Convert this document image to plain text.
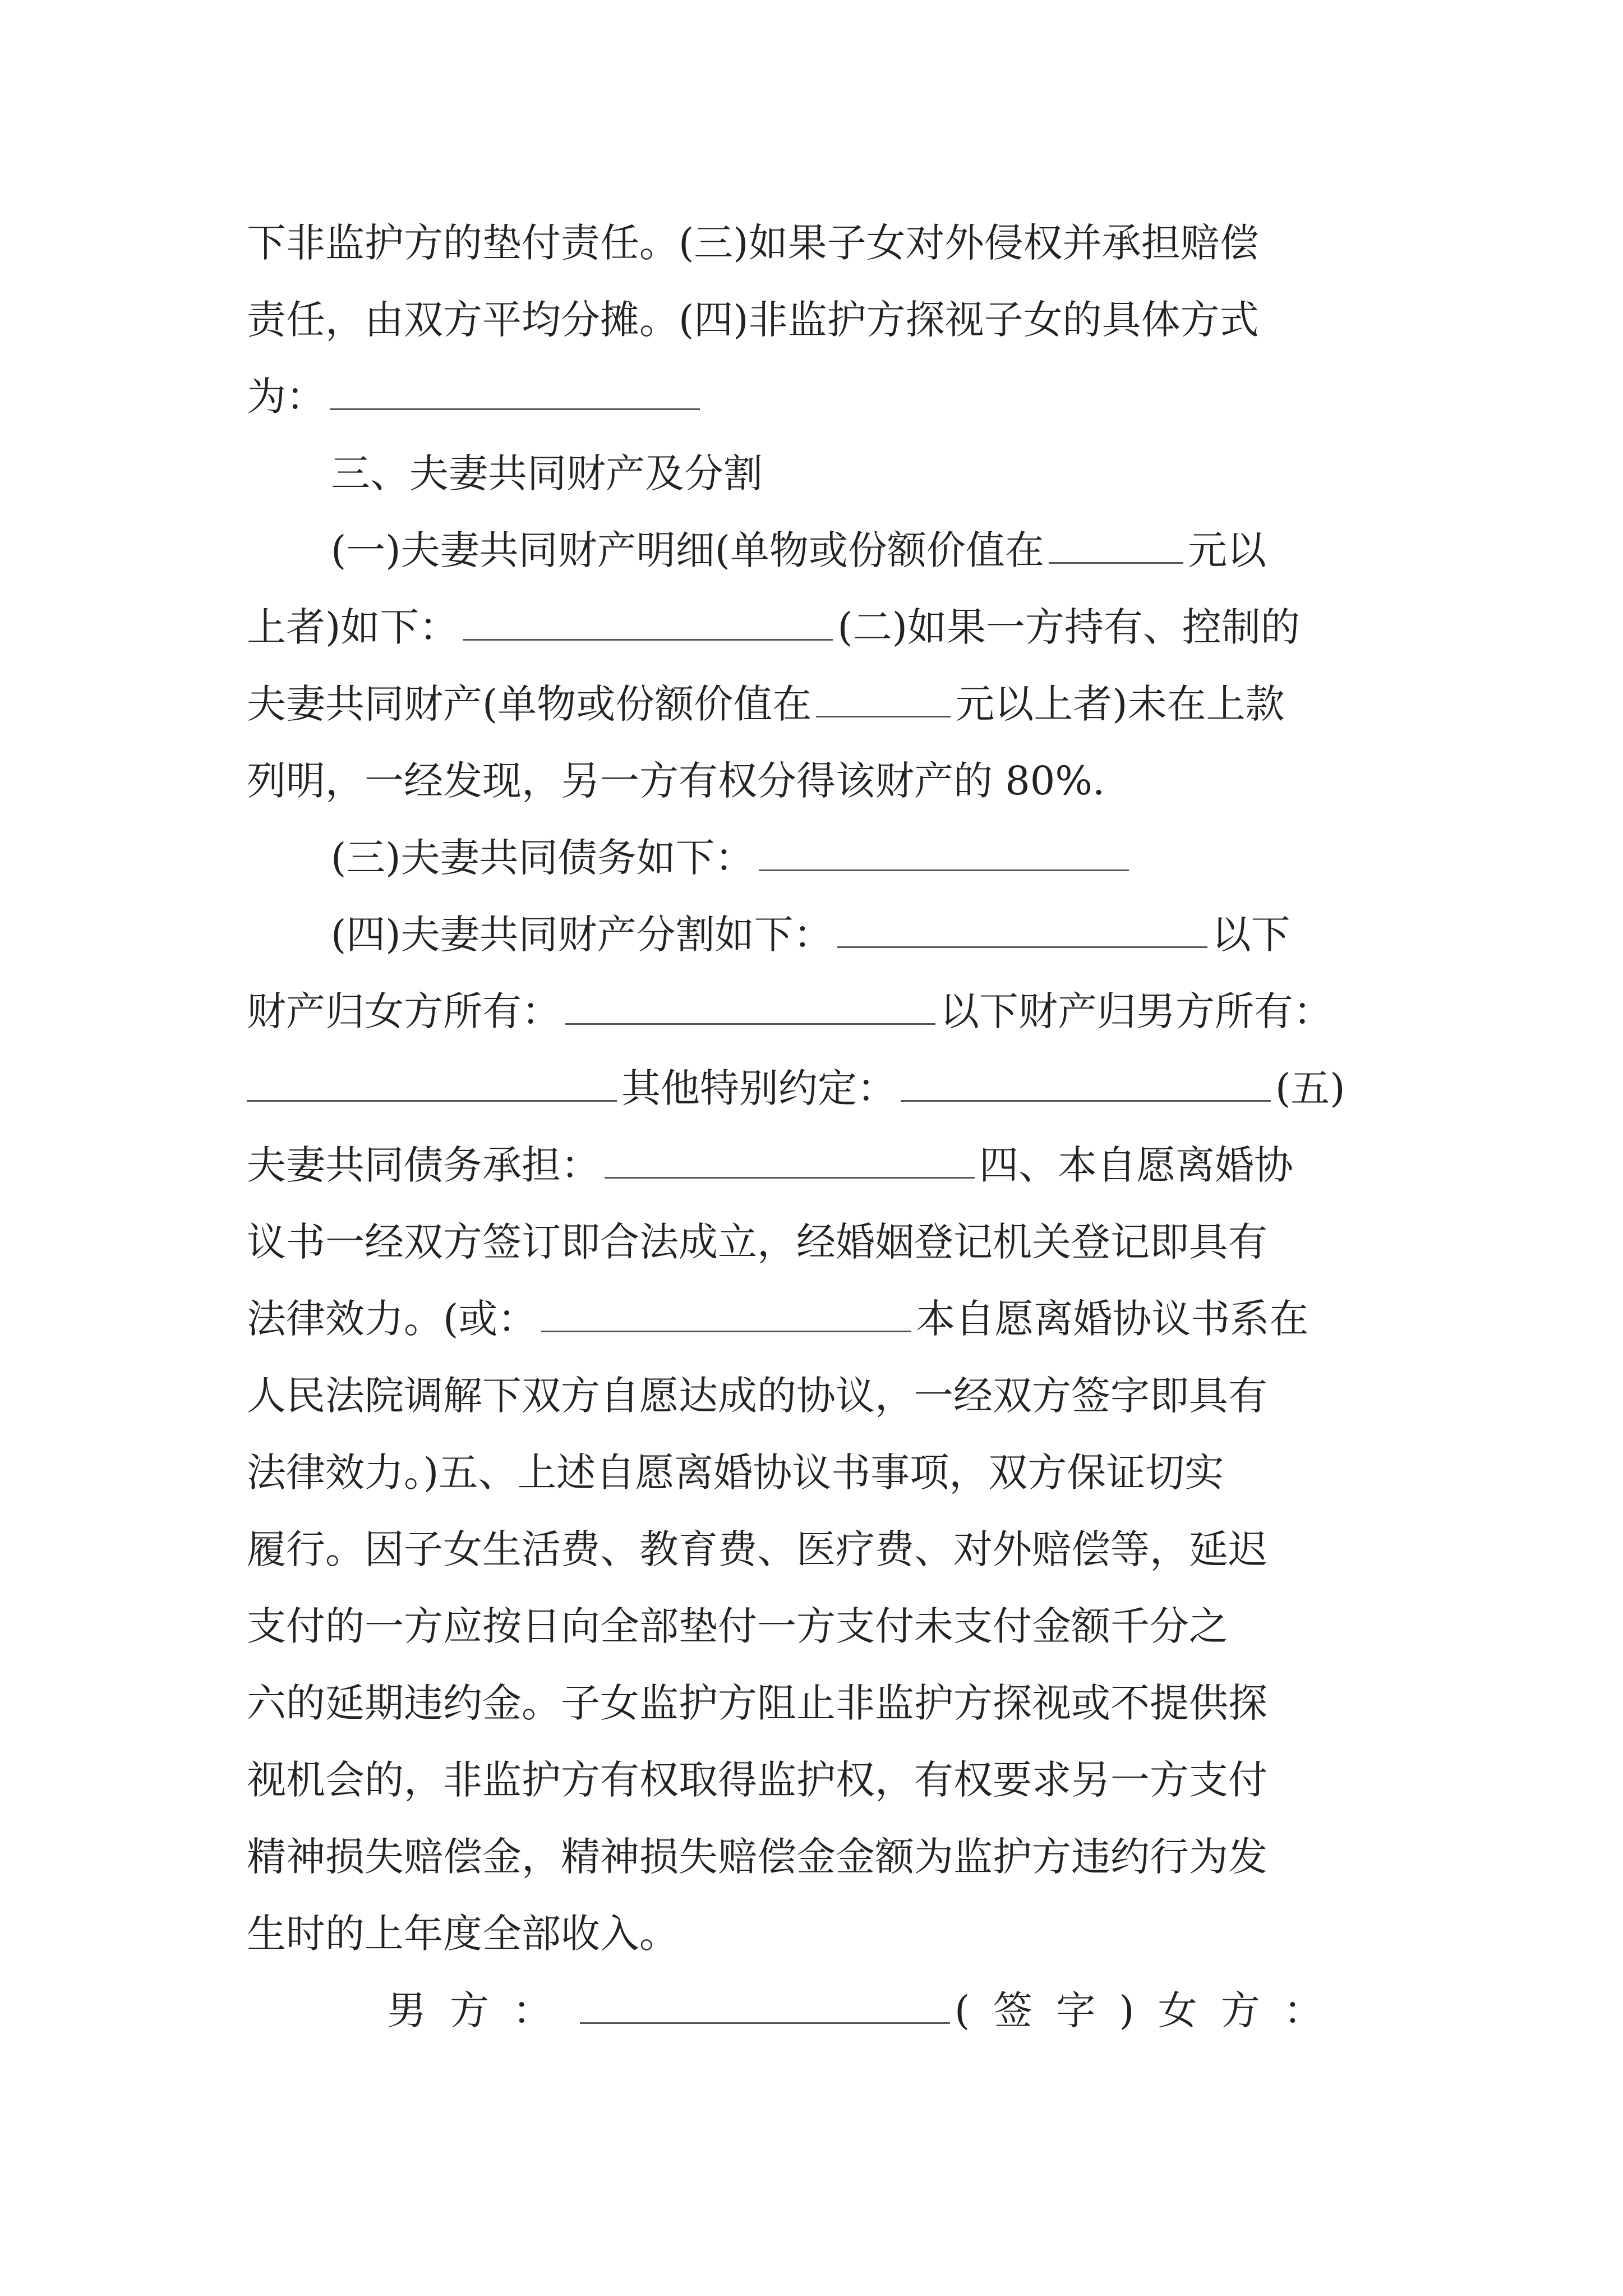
下非监护方的垫付责任。(三)如果子女对外侵权并承担赔偿
责任，由双方平均分摊。(四)非监护方探视子女的具体方式
为：
三、夫妻共同财产及分割
(一)夫妻共同财产明细(单物或份额价值在	元以
上者)如下：	(二)如果一方持有、控制的
夫妻共同财产(单物或份额价值在	元以上者)未在上款
列明，一经发现，另一方有权分得该财产的 80%.
(三)夫妻共同债务如下：
(四)夫妻共同财产分割如下：	以下
财产归女方所有：	以下财产归男方所有：
其他特别约定：	(五)
夫妻共同债务承担：	四、本自愿离婚协
议书一经双方签订即合法成立，经婚姻登记机关登记即具有
法律效力。(或：	本自愿离婚协议书系在
人民法院调解下双方自愿达成的协议，一经双方签字即具有
法律效力。)五、上述自愿离婚协议书事项，双方保证切实
履行。因子女生活费、教育费、医疗费、对外赔偿等，延迟
支付的一方应按日向全部垫付一方支付未支付金额千分之
六的延期违约金。子女监护方阻止非监护方探视或不提供探
视机会的，非监护方有权取得监护权，有权要求另一方支付
精神损失赔偿金，精神损失赔偿金金额为监护方违约行为发
生时的上年度全部收入。
男方：	(签字)女方：
